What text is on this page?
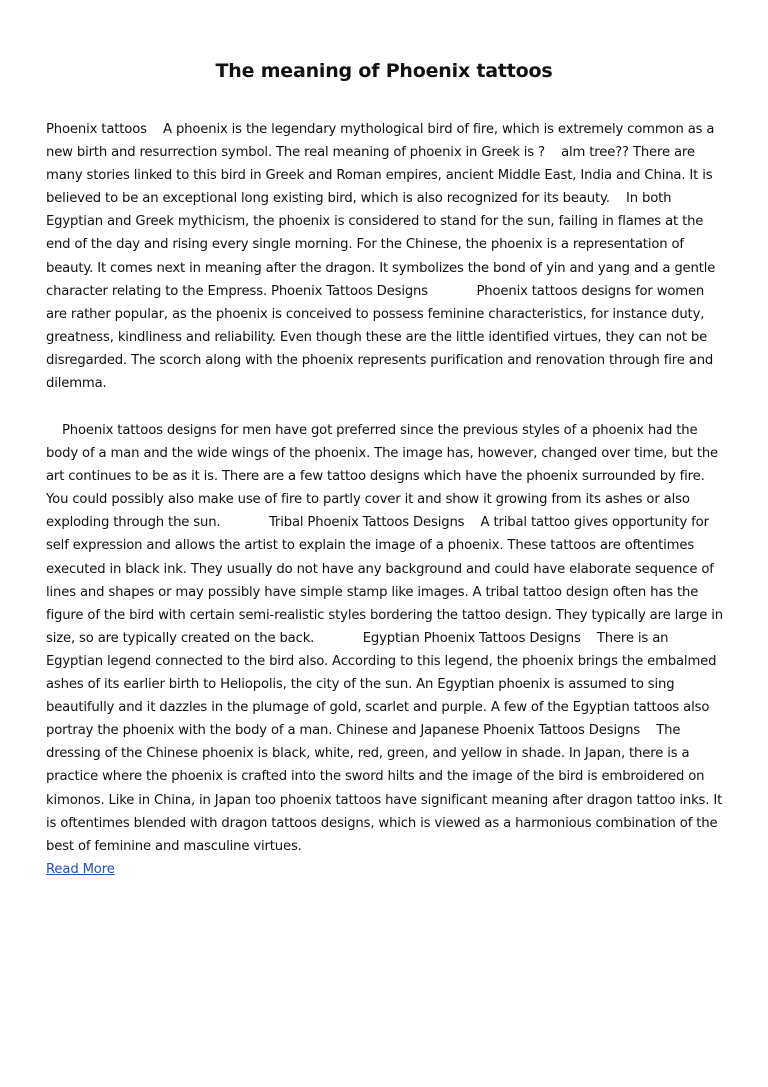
The meaning of Phoenix tattoos
Phoenix tattoos    A phoenix is the legendary mythological bird of fire, which is extremely common as a new birth and resurrection symbol. The real meaning of phoenix in Greek is ?    alm tree?? There are many stories linked to this bird in Greek and Roman empires, ancient Middle East, India and China. It is believed to be an exceptional long existing bird, which is also recognized for its beauty.    In both Egyptian and Greek mythicism, the phoenix is considered to stand for the sun, failing in flames at the end of the day and rising every single morning. For the Chinese, the phoenix is a representation of beauty. It comes next in meaning after the dragon. It symbolizes the bond of yin and yang and a gentle character relating to the Empress. Phoenix Tattoos Designs            Phoenix tattoos designs for women are rather popular, as the phoenix is conceived to possess feminine characteristics, for instance duty, greatness, kindliness and reliability. Even though these are the little identified virtues, they can not be disregarded. The scorch along with the phoenix represents purification and renovation through fire and dilemma.
Phoenix tattoos designs for men have got preferred since the previous styles of a phoenix had the body of a man and the wide wings of the phoenix. The image has, however, changed over time, but the art continues to be as it is. There are a few tattoo designs which have the phoenix surrounded by fire. You could possibly also make use of fire to partly cover it and show it growing from its ashes or also exploding through the sun.            Tribal Phoenix Tattoos Designs    A tribal tattoo gives opportunity for self expression and allows the artist to explain the image of a phoenix. These tattoos are oftentimes executed in black ink. They usually do not have any background and could have elaborate sequence of lines and shapes or may possibly have simple stamp like images. A tribal tattoo design often has the figure of the bird with certain semi-realistic styles bordering the tattoo design. They typically are large in size, so are typically created on the back.            Egyptian Phoenix Tattoos Designs    There is an Egyptian legend connected to the bird also. According to this legend, the phoenix brings the embalmed ashes of its earlier birth to Heliopolis, the city of the sun. An Egyptian phoenix is assumed to sing beautifully and it dazzles in the plumage of gold, scarlet and purple. A few of the Egyptian tattoos also portray the phoenix with the body of a man. Chinese and Japanese Phoenix Tattoos Designs    The dressing of the Chinese phoenix is black, white, red, green, and yellow in shade. In Japan, there is a practice where the phoenix is crafted into the sword hilts and the image of the bird is embroidered on kimonos. Like in China, in Japan too phoenix tattoos have significant meaning after dragon tattoo inks. It is oftentimes blended with dragon tattoos designs, which is viewed as a harmonious combination of the best of feminine and masculine virtues.
Read More
